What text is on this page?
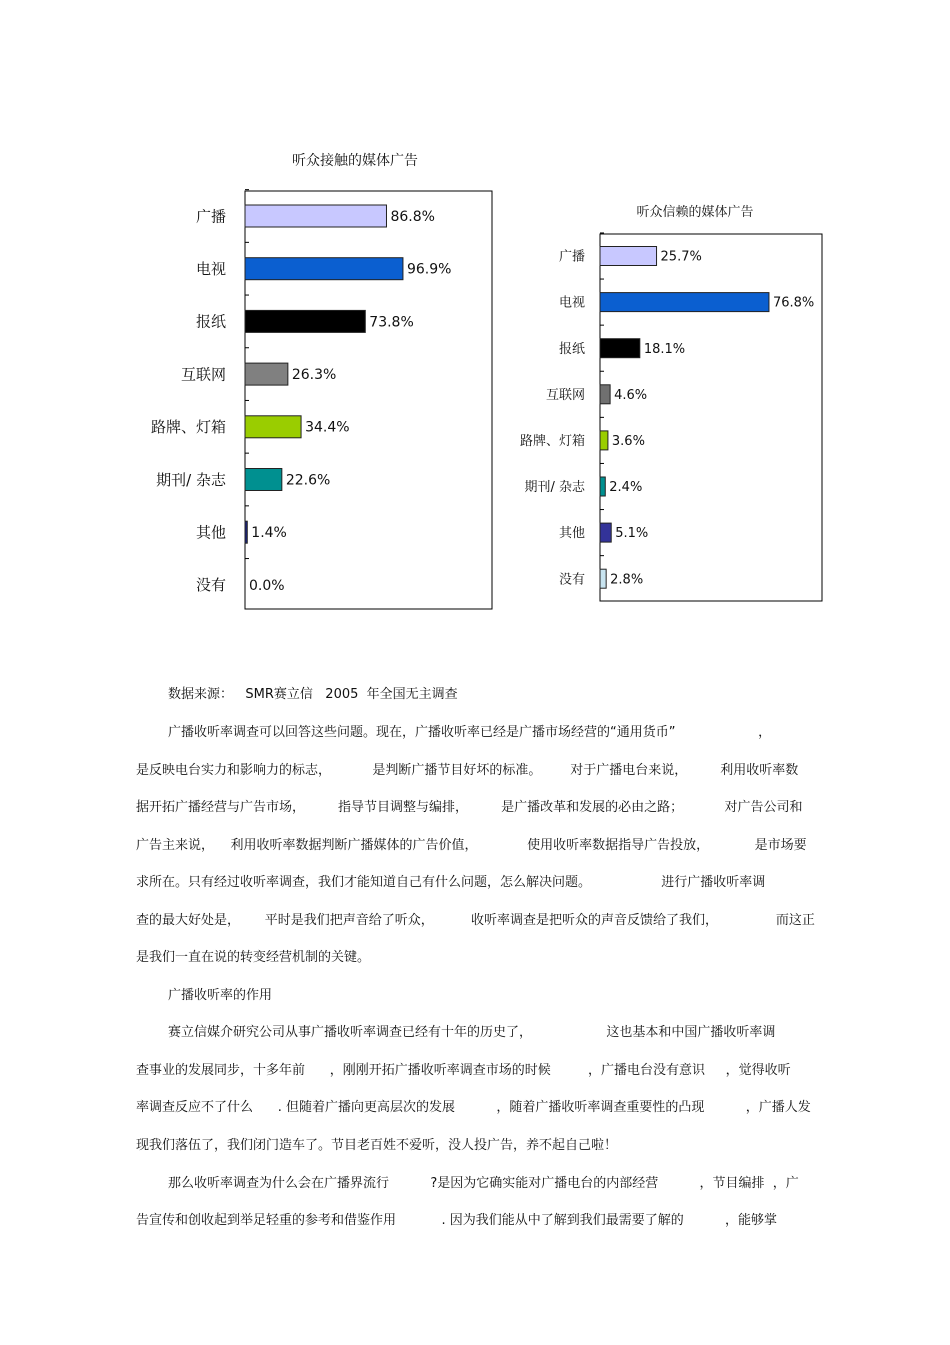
听众接触的媒体广告
听众信赖的媒体广告
广播	86.8%
电视	96.9%
报纸	73.8%
互联网	26.3%
路牌、灯箱	34.4%
期刊/ 杂志	22.6%
其他 1.4%
没有 0.0%
广播	25.7%
电视	76.8%
报纸	18.1%
互联网 4.6%
路牌、灯箱 3.6%
期刊/ 杂志 2.4%
其他 5.1%
没有 2.8%
数据来源：   SMR赛立信   2005  年全国无主调查
广播收听率调查可以回答这些问题。现在，广播收听率已经是广播市场经营的“通用货币”                    ，
是反映电台实力和影响力的标志，          是判断广播节目好坏的标准。       对于广播电台来说，        利用收听率数
据开拓广播经营与广告市场，        指导节目调整与编排，        是广播改革和发展的必由之路；          对广告公司和
广告主来说，    利用收听率数据判断广播媒体的广告价值，            使用收听率数据指导广告投放，           是市场要
求所在。只有经过收听率调查，我们才能知道自己有什么问题，怎么解决问题。                 进行广播收听率调
查的最大好处是，      平时是我们把声音给了听众，         收听率调查是把听众的声音反馈给了我们，              而这正
是我们一直在说的转变经营机制的关键。
广播收听率的作用
赛立信媒介研究公司从事广播收听率调查已经有十年的历史了，                  这也基本和中国广播收听率调
查事业的发展同步，十多年前      ，刚刚开拓广播收听率调查市场的时候         ，广播电台没有意识     ，觉得收听
率调查反应不了什么      . 但随着广播向更高层次的发展          ，随着广播收听率调查重要性的凸现          ，广播人发
现我们落伍了，我们闭门造车了。节目老百姓不爱听，没人投广告，养不起自己啦！
那么收听率调查为什么会在广播界流行          ?是因为它确实能对广播电台的内部经营          ，节目编排  ，广
告宣传和创收起到举足轻重的参考和借鉴作用           . 因为我们能从中了解到我们最需要了解的          ，能够掌
